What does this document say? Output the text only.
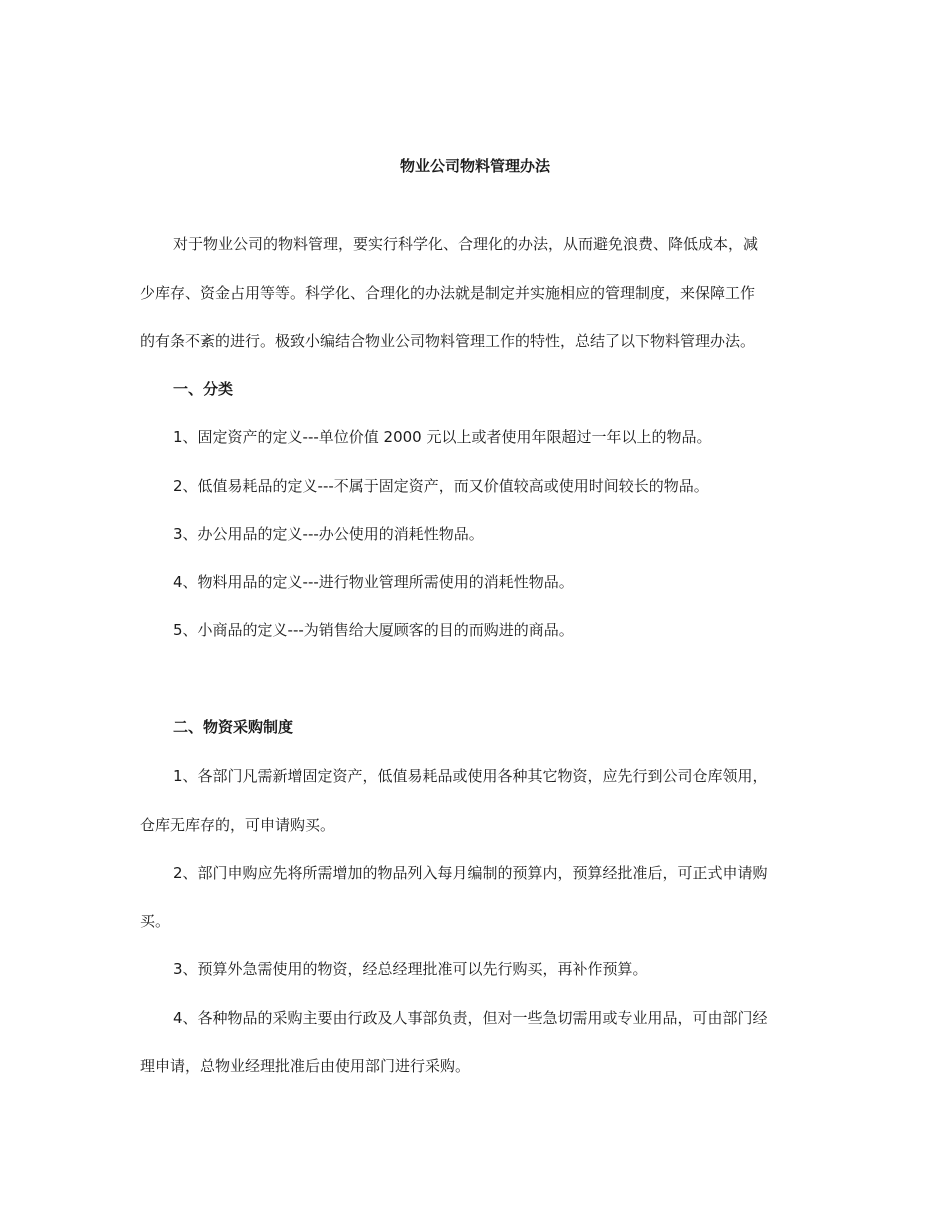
物业公司物料管理办法
对于物业公司的物料管理，要实行科学化、合理化的办法，从而避免浪费、降低成本，减
少库存、资金占用等等。科学化、合理化的办法就是制定并实施相应的管理制度，来保障工作
的有条不紊的进行。极致小编结合物业公司物料管理工作的特性，总结了以下物料管理办法。
一、分类
1、固定资产的定义---单位价值 2000 元以上或者使用年限超过一年以上的物品。
2、低值易耗品的定义---不属于固定资产，而又价值较高或使用时间较长的物品。
3、办公用品的定义---办公使用的消耗性物品。
4、物料用品的定义---进行物业管理所需使用的消耗性物品。
5、小商品的定义---为销售给大厦顾客的目的而购进的商品。
二、物资采购制度
1、各部门凡需新增固定资产，低值易耗品或使用各种其它物资，应先行到公司仓库领用，
仓库无库存的，可申请购买。
2、部门申购应先将所需增加的物品列入每月编制的预算内，预算经批准后，可正式申请购
买。
3、预算外急需使用的物资，经总经理批准可以先行购买，再补作预算。
4、各种物品的采购主要由行政及人事部负责，但对一些急切需用或专业用品，可由部门经
理申请，总物业经理批准后由使用部门进行采购。
